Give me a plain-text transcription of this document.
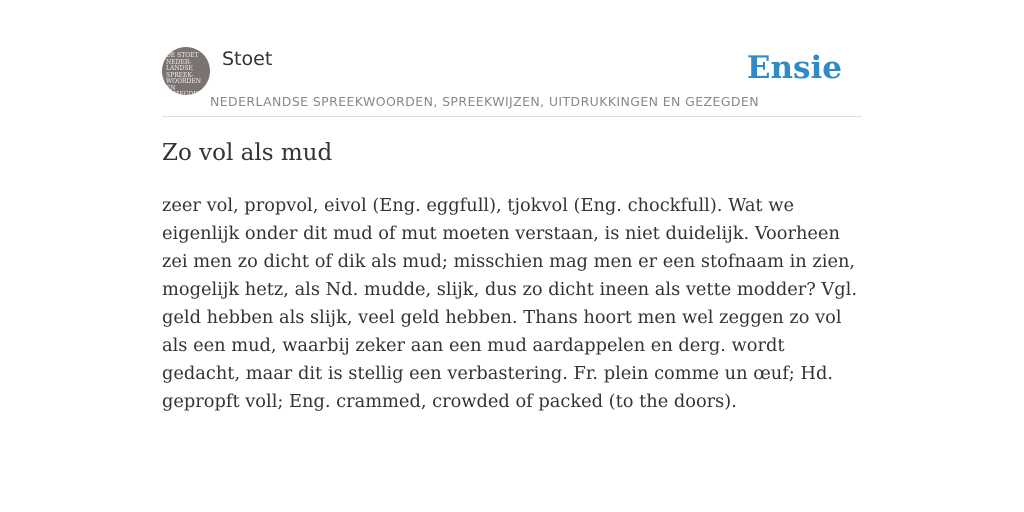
DE STOET
NEDER-
LANDSE
SPREEK-
WOORDEN EN
GEZEGDEN
Stoet
NEDERLANDSE SPREEKWOORDEN, SPREEKWIJZEN, UITDRUKKINGEN EN GEZEGDEN
Ensie
Zo vol als mud

zeer vol, propvol, eivol (Eng. eggfull), tjokvol (Eng. chockfull). Wat we eigenlijk onder dit mud of mut moeten verstaan, is niet duidelijk. Voorheen zei men zo dicht of dik als mud; misschien mag men er een stofnaam in zien, mogelijk hetz, als Nd. mudde, slijk, dus zo dicht ineen als vette modder? Vgl. geld hebben als slijk, veel geld hebben. Thans hoort men wel zeggen zo vol als een mud, waarbij zeker aan een mud aardappelen en derg. wordt gedacht, maar dit is stellig een verbastering. Fr. plein comme un œuf; Hd. gepropft voll; Eng. crammed, crowded of packed (to the doors).
